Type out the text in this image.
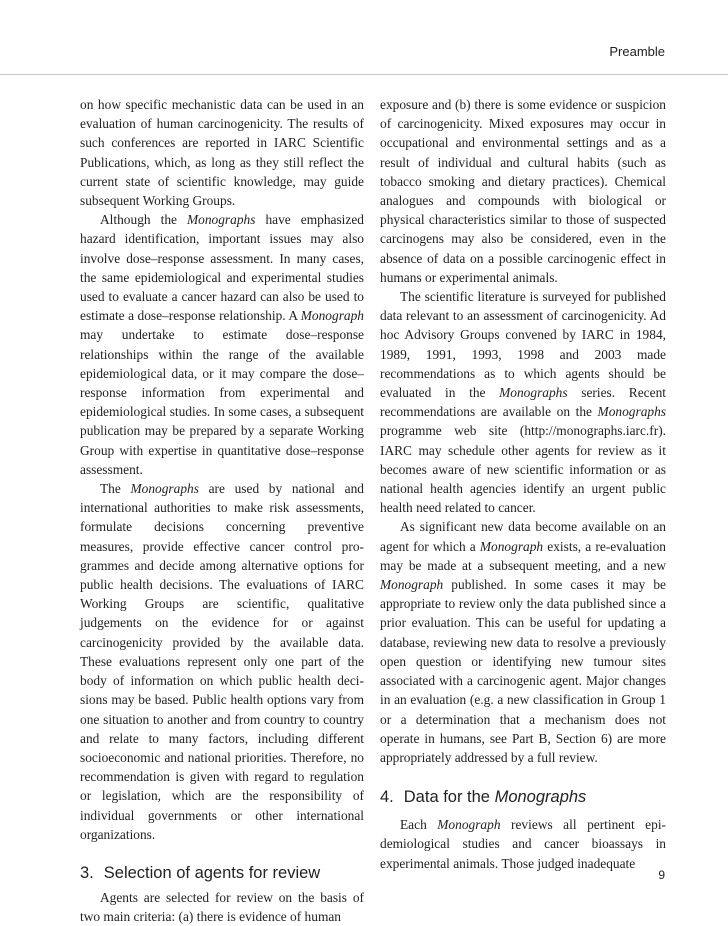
Preamble

on how specific mechanistic data can be used in an evaluation of human carcinogenicity. The results of such conferences are reported in IARC Scientific Publications, which, as long as they still reflect the current state of scientific knowledge, may guide subsequent Working Groups.

Although the Monographs have emphasized hazard identification, important issues may also involve dose–response assessment. In many cases, the same epidemiological and experimental studies used to evaluate a cancer hazard can also be used to estimate a dose–response relationship. A Monograph may undertake to estimate dose–response relationships within the range of the available epidemiological data, or it may compare the dose–response information from experimental and epidemiological studies. In some cases, a subsequent publication may be prepared by a separate Working Group with expertise in quantitative dose–response assessment.

The Monographs are used by national and international authorities to make risk assessments, formulate decisions concerning preventive measures, provide effective cancer control programmes and decide among alternative options for public health decisions. The evaluations of IARC Working Groups are scientific, qualitative judgements on the evidence for or against carcinogenicity provided by the available data. These evaluations represent only one part of the body of information on which public health decisions may be based. Public health options vary from one situation to another and from country to country and relate to many factors, including different socioeconomic and national priorities. Therefore, no recommendation is given with regard to regulation or legislation, which are the responsibility of individual governments or other international organizations.

3. Selection of agents for review

Agents are selected for review on the basis of two main criteria: (a) there is evidence of human

exposure and (b) there is some evidence or suspicion of carcinogenicity. Mixed exposures may occur in occupational and environmental settings and as a result of individual and cultural habits (such as tobacco smoking and dietary practices). Chemical analogues and compounds with biological or physical characteristics similar to those of suspected carcinogens may also be considered, even in the absence of data on a possible carcinogenic effect in humans or experimental animals.

The scientific literature is surveyed for published data relevant to an assessment of carcinogenicity. Ad hoc Advisory Groups convened by IARC in 1984, 1989, 1991, 1993, 1998 and 2003 made recommendations as to which agents should be evaluated in the Monographs series. Recent recommendations are available on the Monographs programme web site (http://monographs.iarc.fr). IARC may schedule other agents for review as it becomes aware of new scientific information or as national health agencies identify an urgent public health need related to cancer.

As significant new data become available on an agent for which a Monograph exists, a re-evaluation may be made at a subsequent meeting, and a new Monograph published. In some cases it may be appropriate to review only the data published since a prior evaluation. This can be useful for updating a database, reviewing new data to resolve a previously open question or identifying new tumour sites associated with a carcinogenic agent. Major changes in an evaluation (e.g. a new classification in Group 1 or a determination that a mechanism does not operate in humans, see Part B, Section 6) are more appropriately addressed by a full review.

4. Data for the Monographs

Each Monograph reviews all pertinent epidemiological studies and cancer bioassays in experimental animals. Those judged inadequate

9
